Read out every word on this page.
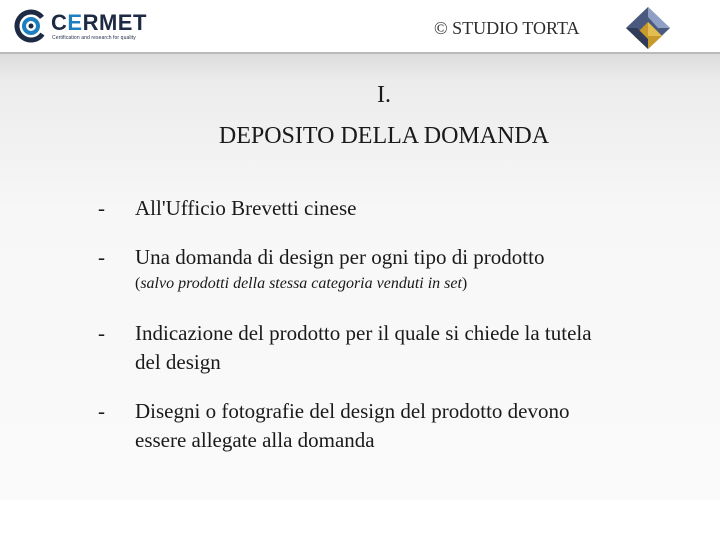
CERMET
Certification and research for quality	© STUDIO TORTA
I.
DEPOSITO DELLA DOMANDA
- All'Ufficio Brevetti cinese
- Una domanda di design per ogni tipo di prodotto
(salvo prodotti della stessa categoria venduti in set)
- Indicazione del prodotto per il quale si chiede la tutela
del design
- Disegni o fotografie del design del prodotto devono
essere allegate alla domanda
